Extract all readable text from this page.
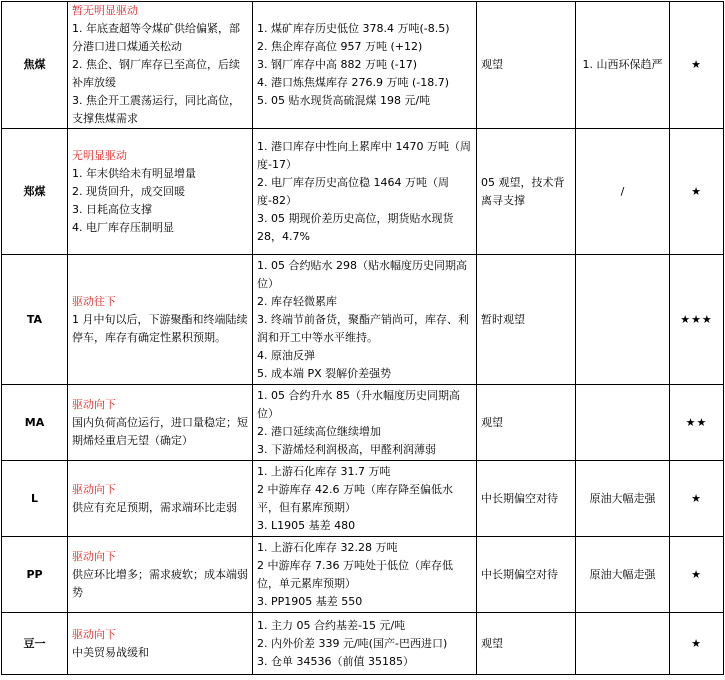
焦煤	暂无明显驱动
1. 年底查超等令煤矿供给偏紧，部分港口进口煤通关松动
2. 焦企、钢厂库存已至高位，后续补库放缓
3. 焦企开工震荡运行，同比高位，支撑焦煤需求	1. 煤矿库存历史低位 378.4 万吨(-8.5)
2. 焦企库存高位 957 万吨 (+12)
3. 钢厂库存中高 882 万吨 (-17)
4. 港口炼焦煤库存 276.9 万吨 (-18.7)
5. 05 贴水现货高硫混煤 198 元/吨	观望	1. 山西环保趋严	★
郑煤	无明显驱动
1. 年末供给未有明显增量
2. 现货回升，成交回暖
3. 日耗高位支撑
4. 电厂库存压制明显	1. 港口库存中性向上累库中 1470 万吨（周度-17）
2. 电厂库存历史高位稳 1464 万吨（周度-82）
3. 05 期现价差历史高位，期货贴水现货 28，4.7%	05 观望，技术背离寻支撑	/	★
TA	驱动往下
1 月中旬以后，下游聚酯和终端陆续停车，库存有确定性累积预期。	1. 05 合约贴水 298（贴水幅度历史同期高位）
2. 库存轻微累库
3. 终端节前备货，聚酯产销尚可，库存、利润和开工中等水平维持。
4. 原油反弹
5. 成本端 PX 裂解价差强势	暂时观望		★★★
MA	驱动向下
国内负荷高位运行，进口量稳定；短期烯烃重启无望（确定）	1. 05 合约升水 85（升水幅度历史同期高位）
2. 港口延续高位继续增加
3. 下游烯烃利润极高，甲醛利润薄弱	观望		★★
L	驱动向下
供应有充足预期，需求端环比走弱	1. 上游石化库存 31.7 万吨
2 中游库存 42.6 万吨（库存降至偏低水平，但有累库预期）
3. L1905 基差 480	中长期偏空对待	原油大幅走强	★
PP	驱动向下
供应环比增多；需求疲软；成本端弱势	1. 上游石化库存 32.28 万吨
2 中游库存 7.36 万吨处于低位（库存低位，单元累库预期）
3. PP1905 基差 550	中长期偏空对待	原油大幅走强	★
豆一	驱动向下
中美贸易战缓和	1. 主力 05 合约基差-15 元/吨
2. 内外价差 339 元/吨(国产-巴西进口)
3. 仓单 34536（前值 35185）	观望		★
